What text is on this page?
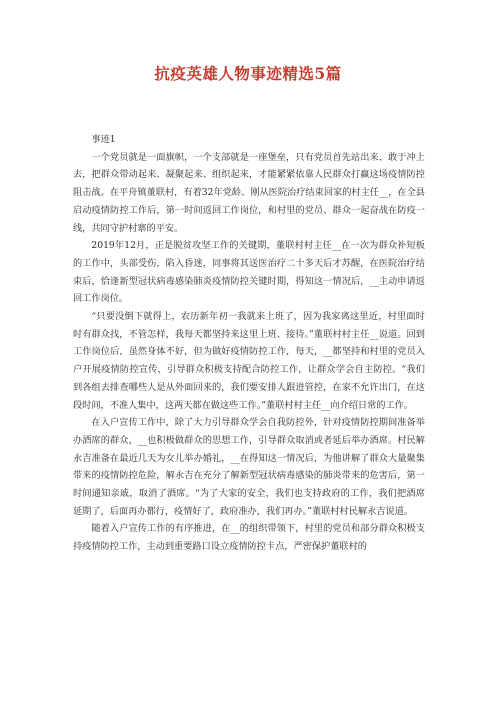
抗疫英雄人物事迹精选5篇

事迹1

一个党员就是一面旗帜，一个支部就是一座堡垒，只有党员首先站出来、敢于冲上去，把群众带动起来、凝聚起来、组织起来，才能紧紧依靠人民群众打赢这场疫情防控阻击战。在平舟镇董联村，有着32年党龄、刚从医院治疗结束回家的村主任__，在全县启动疫情防控工作后，第一时间返回工作岗位，和村里的党员、群众一起奋战在防疫一线，共同守护村寨的平安。

2019年12月，正是脱贫攻坚工作的关键期，董联村村主任__在一次为群众补短板的工作中，头部受伤，陷入昏迷，同事将其送医治疗二十多天后才苏醒，在医院治疗结束后，恰逢新型冠状病毒感染肺炎疫情防控关键时期，得知这一情况后，__主动申请返回工作岗位。

“只要没倒下就得上，农历新年初一我就来上班了，因为我家离这里近，村里面时时有群众找，不管怎样，我每天都坚持来这里上班、接待。”董联村村主任__说道。回到工作岗位后，虽然身体不好，但为做好疫情防控工作，每天，__都坚持和村里的党员入户开展疫情防控宣传，引导群众积极支持配合防控工作，让群众学会自主防控。“我们到各组去排查哪些人是从外面回来的，我们要安排人跟进管控，在家不允许出门，在这段时间，不准人集中，这两天都在做这些工作。”董联村村主任__向介绍日常的工作。

在入户宣传工作中，除了大力引导群众学会自我防控外，针对疫情防控期间准备举办酒席的群众，__也积极做群众的思想工作，引导群众取消或者延后举办酒席。村民解永吉准备在最近几天为女儿举办婚礼，__在得知这一情况后，为他讲解了群众大量聚集带来的疫情防控危险，解永吉在充分了解新型冠状病毒感染的肺炎带来的危害后，第一时间通知亲戚，取消了酒席。“为了大家的安全，我们也支持政府的工作，我们把酒席延期了，后面再办都行，疫情好了，政府准办，我们再办。”董联村村民解永吉说道。

随着入户宣传工作的有序推进，在__的组织带领下，村里的党员和部分群众积极支持疫情防控工作，主动到重要路口设立疫情防控卡点，严密保护董联村的
